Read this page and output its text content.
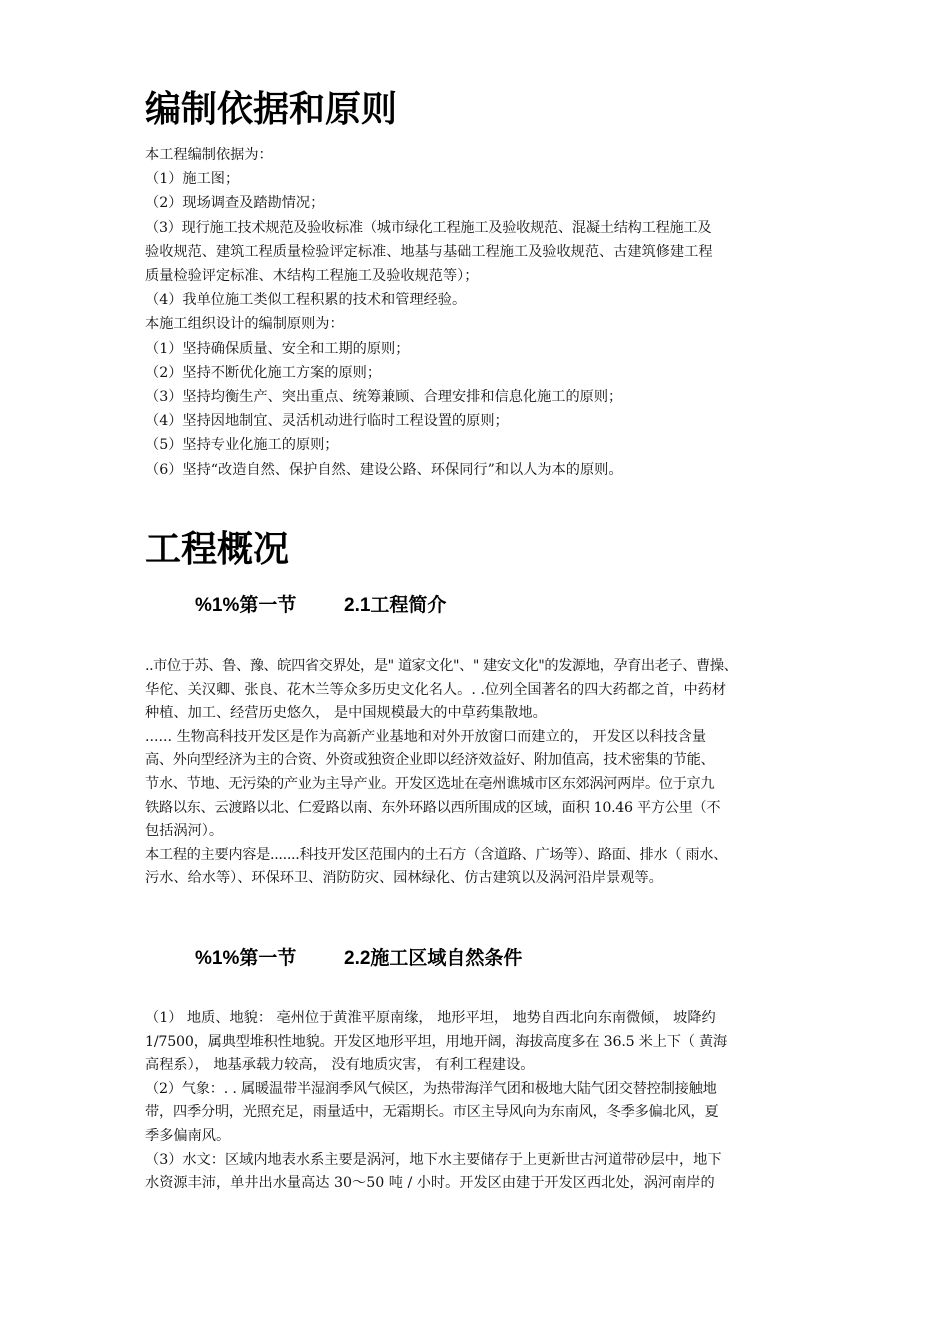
编制依据和原则

本工程编制依据为：

（1）施工图；

（2）现场调查及踏勘情况；

（3）现行施工技术规范及验收标准（城市绿化工程施工及验收规范、混凝土结构工程施工及

验收规范、建筑工程质量检验评定标准、地基与基础工程施工及验收规范、古建筑修建工程

质量检验评定标准、木结构工程施工及验收规范等）；

（4）我单位施工类似工程积累的技术和管理经验。

本施工组织设计的编制原则为：

（1）坚持确保质量、安全和工期的原则；

（2）坚持不断优化施工方案的原则；

（3）坚持均衡生产、突出重点、统筹兼顾、合理安排和信息化施工的原则；

（4）坚持因地制宜、灵活机动进行临时工程设置的原则；

（5）坚持专业化施工的原则；

（6）坚持“改造自然、保护自然、建设公路、环保同行”和以人为本的原则。

工程概况
%1%第一节	2.1工程简介

..市位于苏、鲁、豫、皖四省交界处，是" 道家文化"、" 建安文化"的发源地，孕育出老子、曹操、

华佗、关汉卿、张良、花木兰等众多历史文化名人。. .位列全国著名的四大药都之首，中药材

种植、加工、经营历史悠久， 是中国规模最大的中草药集散地。

...... 生物高科技开发区是作为高新产业基地和对外开放窗口而建立的， 开发区以科技含量

高、外向型经济为主的合资、外资或独资企业即以经济效益好、附加值高，技术密集的节能、

节水、节地、无污染的产业为主导产业。开发区选址在亳州谯城市区东郊涡河两岸。位于京九

铁路以东、云渡路以北、仁爱路以南、东外环路以西所围成的区域，面积 10.46 平方公里（不

包括涡河）。

本工程的主要内容是.......科技开发区范围内的土石方（含道路、广场等）、路面、排水（ 雨水、

污水、给水等）、环保环卫、消防防灾、园林绿化、仿古建筑以及涡河沿岸景观等。

%1%第一节	2.2施工区域自然条件

（1） 地质、地貌： 亳州位于黄淮平原南缘， 地形平坦， 地势自西北向东南微倾， 坡降约

1/7500，属典型堆积性地貌。开发区地形平坦，用地开阔，海拔高度多在 36.5 米上下（ 黄海

高程系）， 地基承载力较高， 没有地质灾害， 有利工程建设。

（2）气象：. . 属暖温带半湿润季风气候区，为热带海洋气团和极地大陆气团交替控制接触地

带，四季分明，光照充足，雨量适中，无霜期长。市区主导风向为东南风，冬季多偏北风，夏

季多偏南风。

（3）水文：区域内地表水系主要是涡河，地下水主要储存于上更新世古河道带砂层中，地下

水资源丰沛，单井出水量高达 30～50 吨 / 小时。开发区由建于开发区西北处，涡河南岸的
